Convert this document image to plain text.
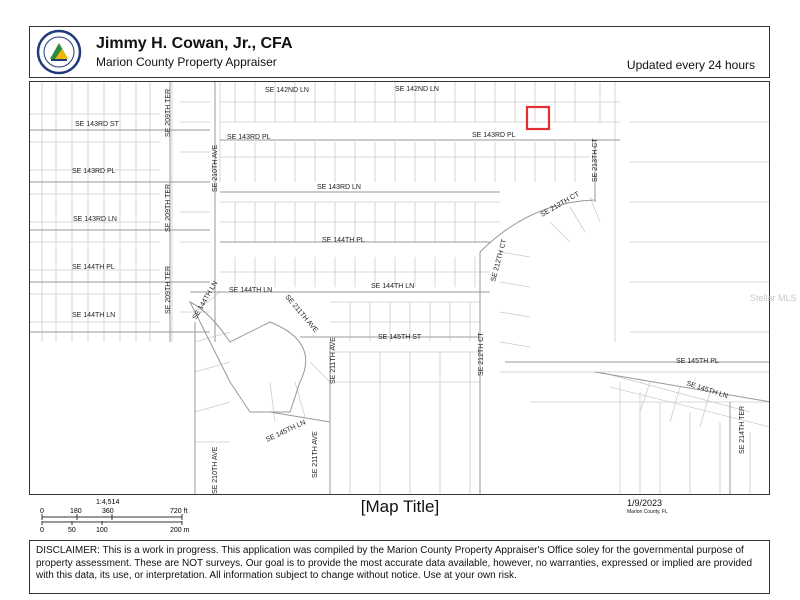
Jimmy H. Cowan, Jr., CFA
Marion County Property Appraiser	Updated every 24 hours
SE 142ND LN	SE 142ND LN
SE 143RD ST	SE 209TH TER
SE 143RD PL
SE 143RD PL
SE 210TH AVE
SE 143RD PL
SE 213TH CT
SE 143RD LN
SE 212TH CT
SE 143RD LN	SE 209TH TER
SE 144TH PL	SE 212TH CT
SE 144TH PL	SE 209TH TER	SE 144TH LN SE 144TH LN
SE 144TH LN
SE 144TH LN	SE 211TH AVE
SE 145TH ST
SE 211TH AVE	SE 212TH CT	SE 145TH PL
SE 145TH LN
SE 145TH LN	SE 214TH TER
SE 210TH AVE	SE 211TH AVE
Stellar MLS
1:4,514
0	180	360	720 ft
0	50	100	200 m
[Map Title]	1/9/2023
Marion County, FL
DISCLAIMER: This is a work in progress. This application was compiled by the Marion County Property Appraiser's Office soley for the governmental purpose of property assessment. These are NOT surveys. Our goal is to provide the most accurate data available, however, no warranties, expressed or implied are provided with this data, its use, or interpretation. All information subject to change without notice. Use at your own risk.
